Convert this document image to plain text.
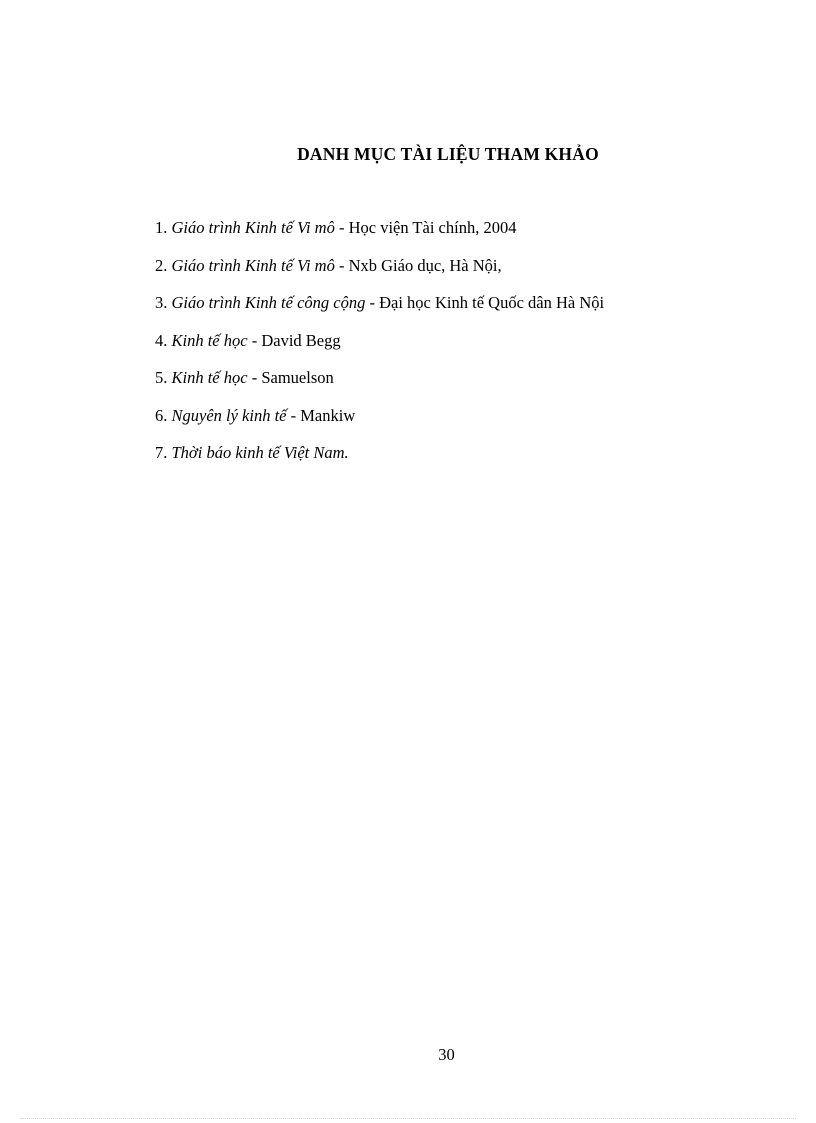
DANH MỤC TÀI LIỆU THAM KHẢO
1. Giáo trình Kinh tế Vi mô - Học viện Tài chính, 2004
2. Giáo trình Kinh tế Vi mô - Nxb Giáo dục, Hà Nội,
3. Giáo trình Kinh tế công cộng - Đại học Kinh tế Quốc dân Hà Nội
4. Kinh tế học - David Begg
5. Kinh tế học - Samuelson
6. Nguyên lý kinh tế - Mankiw
7. Thời báo kinh tế Việt Nam.
30
